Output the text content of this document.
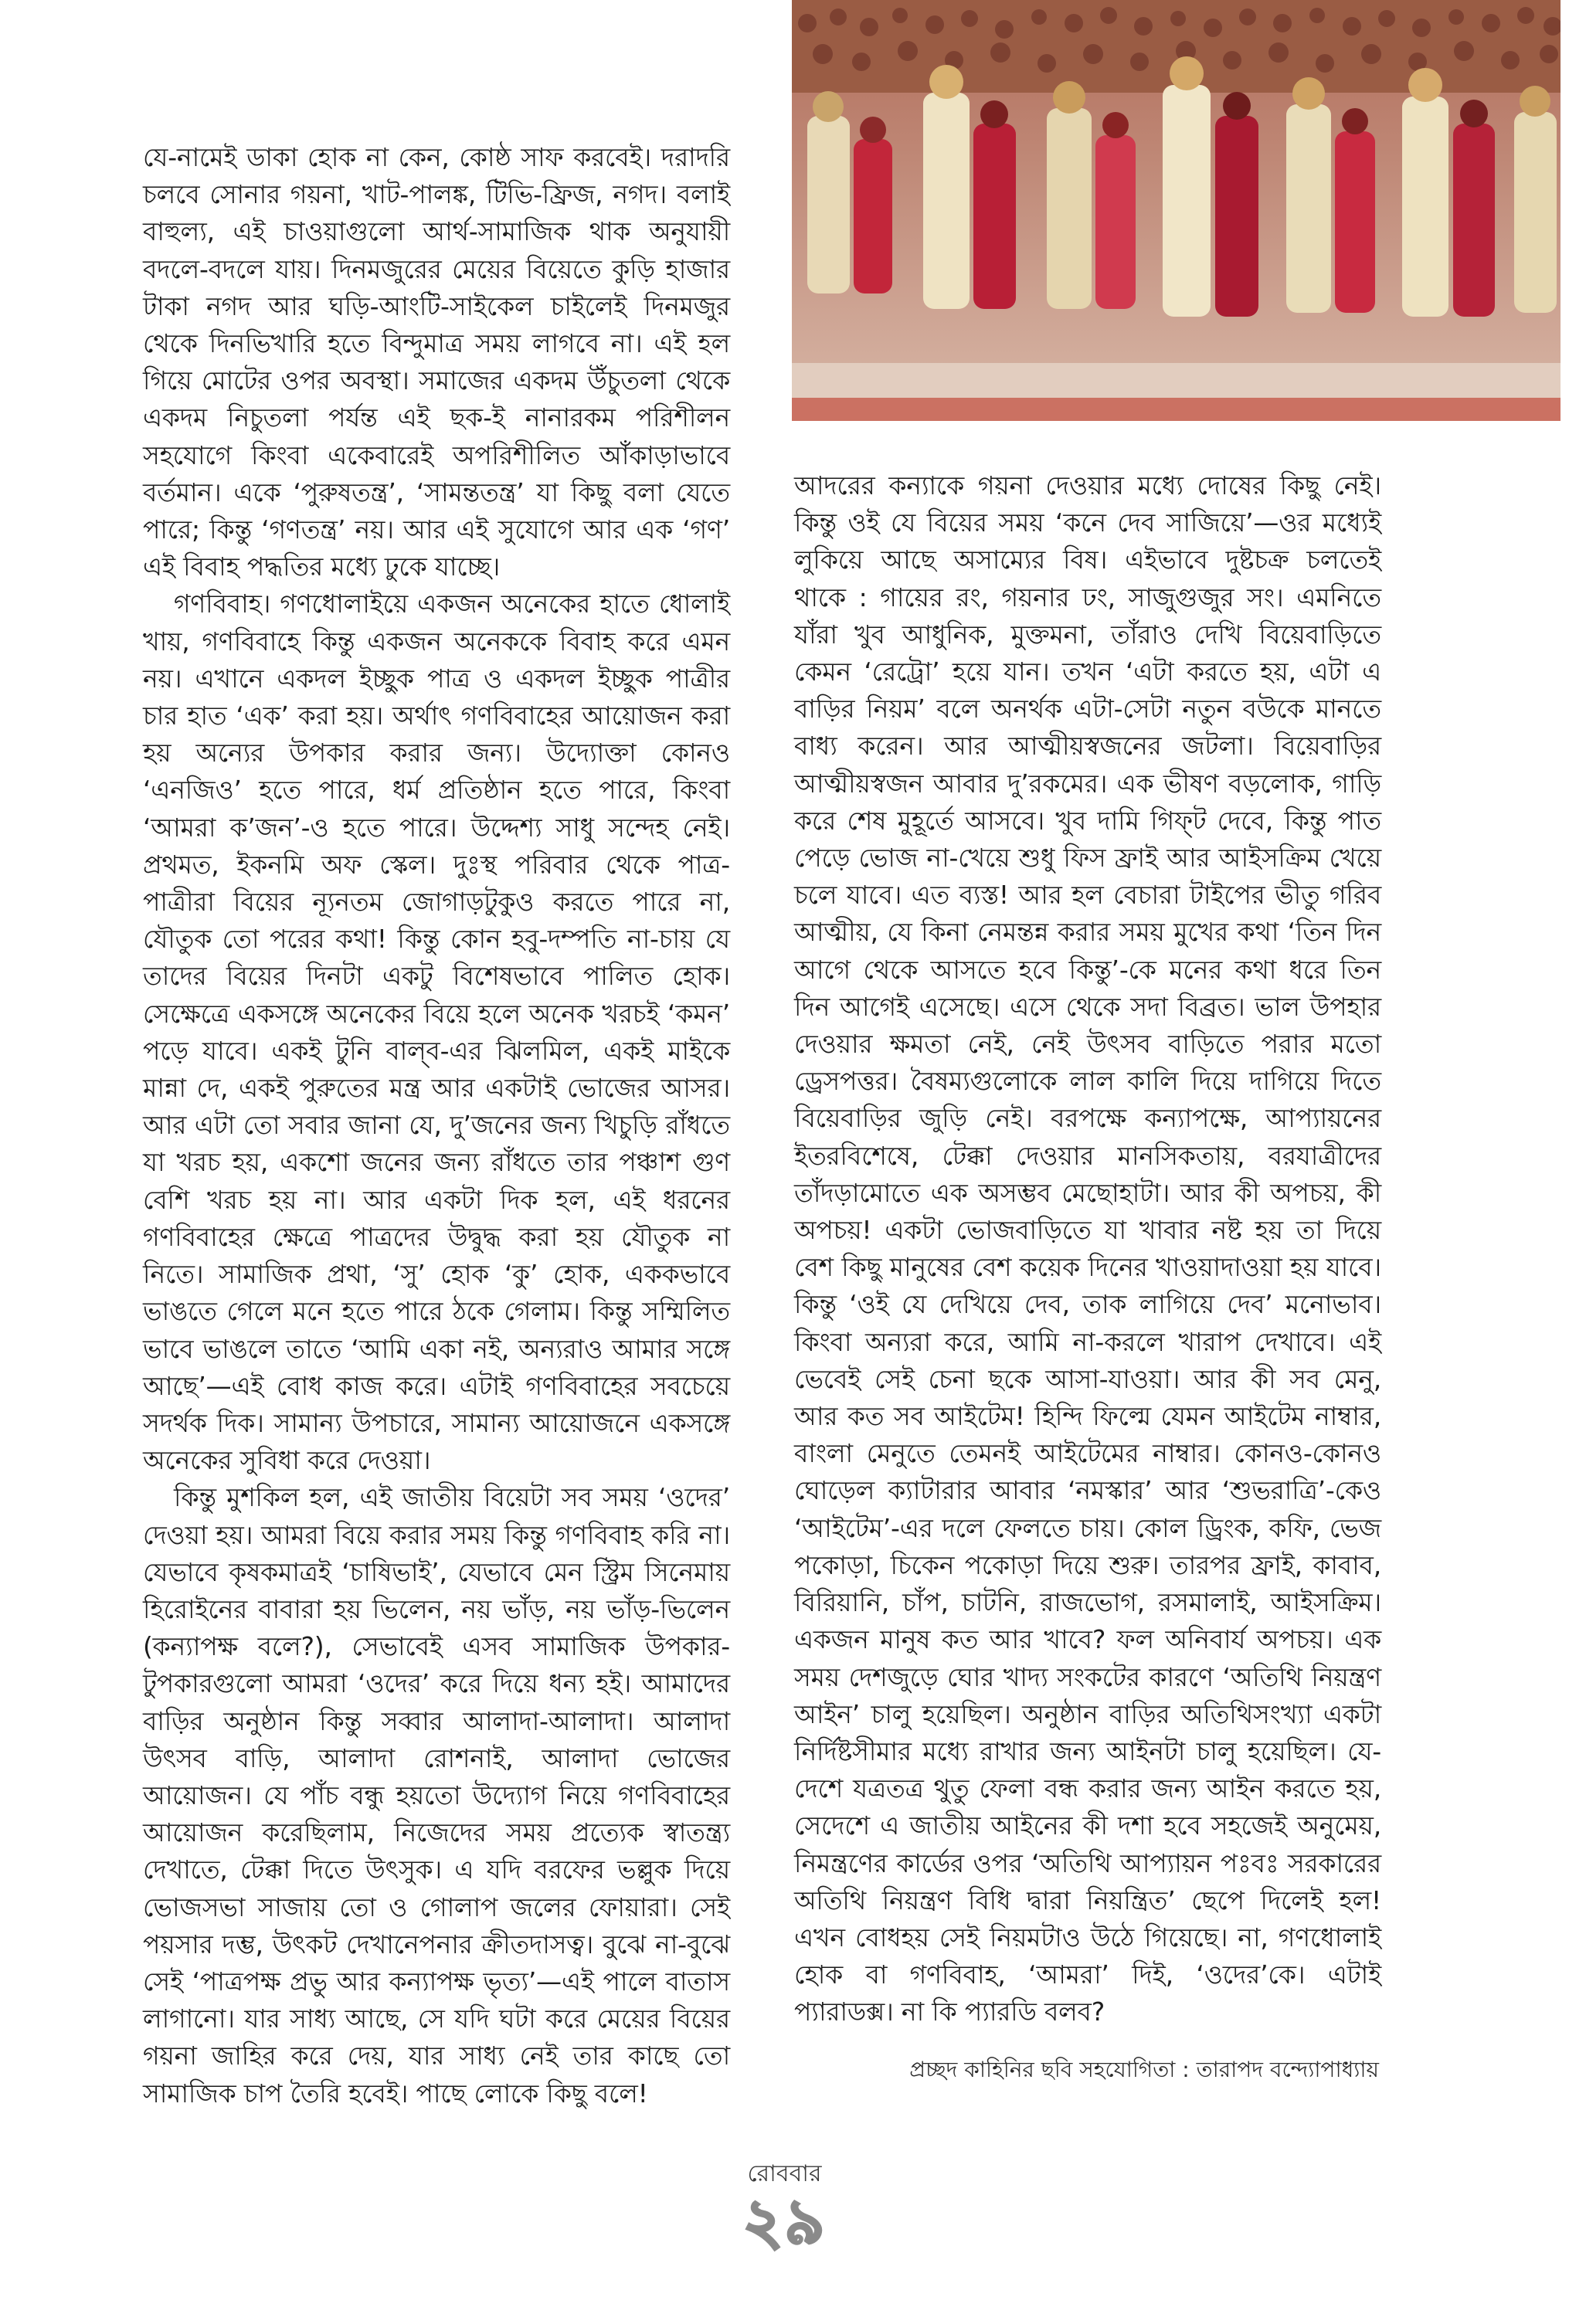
যে-নামেই ডাকা হোক না কেন, কোষ্ঠ সাফ করবেই। দরাদরি চলবে সোনার গয়না, খাট-পালঙ্ক, টিভি-ফ্রিজ, নগদ। বলাই বাহুল্য, এই চাওয়াগুলো আর্থ-সামাজিক থাক অনুযায়ী বদলে-বদলে যায়। দিনমজুরের মেয়ের বিয়েতে কুড়ি হাজার টাকা নগদ আর ঘড়ি-আংটি-সাইকেল চাইলেই দিনমজুর থেকে দিনভিখারি হতে বিন্দুমাত্র সময় লাগবে না। এই হল গিয়ে মোটের ওপর অবস্থা। সমাজের একদম উঁচুতলা থেকে একদম নিচুতলা পর্যন্ত এই ছক-ই নানারকম পরিশীলন সহযোগে কিংবা একেবারেই অপরিশীলিত আঁকাড়াভাবে বর্তমান। একে ‘পুরুষতন্ত্র’, ‘সামন্ততন্ত্র’ যা কিছু বলা যেতে পারে; কিন্তু ‘গণতন্ত্র’ নয়। আর এই সুযোগে আর এক ‘গণ’ এই বিবাহ পদ্ধতির মধ্যে ঢুকে যাচ্ছে।

গণবিবাহ। গণধোলাইয়ে একজন অনেকের হাতে ধোলাই খায়, গণবিবাহে কিন্তু একজন অনেককে বিবাহ করে এমন নয়। এখানে একদল ইচ্ছুক পাত্র ও একদল ইচ্ছুক পাত্রীর চার হাত ‘এক’ করা হয়। অর্থাৎ গণবিবাহের আয়োজন করা হয় অন্যের উপকার করার জন্য। উদ্যোক্তা কোনও ‘এনজিও’ হতে পারে, ধর্ম প্রতিষ্ঠান হতে পারে, কিংবা ‘আমরা ক’জন’-ও হতে পারে। উদ্দেশ্য সাধু সন্দেহ নেই। প্রথমত, ইকনমি অফ স্কেল। দুঃস্থ পরিবার থেকে পাত্র-পাত্রীরা বিয়ের ন্যূনতম জোগাড়টুকুও করতে পারে না, যৌতুক তো পরের কথা! কিন্তু কোন হবু-দম্পতি না-চায় যে তাদের বিয়ের দিনটা একটু বিশেষভাবে পালিত হোক। সেক্ষেত্রে একসঙ্গে অনেকের বিয়ে হলে অনেক খরচই ‘কমন’ পড়ে যাবে। একই টুনি বাল্‌ব-এর ঝিলমিল, একই মাইকে মান্না দে, একই পুরুতের মন্ত্র আর একটাই ভোজের আসর। আর এটা তো সবার জানা যে, দু’জনের জন্য খিচুড়ি রাঁধতে যা খরচ হয়, একশো জনের জন্য রাঁধতে তার পঞ্চাশ গুণ বেশি খরচ হয় না। আর একটা দিক হল, এই ধরনের গণবিবাহের ক্ষেত্রে পাত্রদের উদ্বুদ্ধ করা হয় যৌতুক না নিতে। সামাজিক প্রথা, ‘সু’ হোক ‘কু’ হোক, এককভাবে ভাঙতে গেলে মনে হতে পারে ঠকে গেলাম। কিন্তু সম্মিলিত ভাবে ভাঙলে তাতে ‘আমি একা নই, অন্যরাও আমার সঙ্গে আছে’—এই বোধ কাজ করে। এটাই গণবিবাহের সবচেয়ে সদর্থক দিক। সামান্য উপচারে, সামান্য আয়োজনে একসঙ্গে অনেকের সুবিধা করে দেওয়া।

কিন্তু মুশকিল হল, এই জাতীয় বিয়েটা সব সময় ‘ওদের’ দেওয়া হয়। আমরা বিয়ে করার সময় কিন্তু গণবিবাহ করি না। যেভাবে কৃষকমাত্রই ‘চাষিভাই’, যেভাবে মেন স্ট্রিম সিনেমায় হিরোইনের বাবারা হয় ভিলেন, নয় ভাঁড়, নয় ভাঁড়-ভিলেন (কন্যাপক্ষ বলে?), সেভাবেই এসব সামাজিক উপকার-টুপকারগুলো আমরা ‘ওদের’ করে দিয়ে ধন্য হই। আমাদের বাড়ির অনুষ্ঠান কিন্তু সব্বার আলাদা-আলাদা। আলাদা উৎসব বাড়ি, আলাদা রোশনাই, আলাদা ভোজের আয়োজন। যে পাঁচ বন্ধু হয়তো উদ্যোগ নিয়ে গণবিবাহের আয়োজন করেছিলাম, নিজেদের সময় প্রত্যেক স্বাতন্ত্র্য দেখাতে, টেক্কা দিতে উৎসুক। এ যদি বরফের ভল্লুক দিয়ে ভোজসভা সাজায় তো ও গোলাপ জলের ফোয়ারা। সেই পয়সার দম্ভ, উৎকট দেখানেপনার ক্রীতদাসত্ব। বুঝে না-বুঝে সেই ‘পাত্রপক্ষ প্রভু আর কন্যাপক্ষ ভৃত্য’—এই পালে বাতাস লাগানো। যার সাধ্য আছে, সে যদি ঘটা করে মেয়ের বিয়ের গয়না জাহির করে দেয়, যার সাধ্য নেই তার কাছে তো সামাজিক চাপ তৈরি হবেই। পাছে লোকে কিছু বলে!

আদরের কন্যাকে গয়না দেওয়ার মধ্যে দোষের কিছু নেই। কিন্তু ওই যে বিয়ের সময় ‘কনে দেব সাজিয়ে’—ওর মধ্যেই লুকিয়ে আছে অসাম্যের বিষ। এইভাবে দুষ্টচক্র চলতেই থাকে : গায়ের রং, গয়নার ঢং, সাজুগুজুর সং। এমনিতে যাঁরা খুব আধুনিক, মুক্তমনা, তাঁরাও দেখি বিয়েবাড়িতে কেমন ‘রেট্রো’ হয়ে যান। তখন ‘এটা করতে হয়, এটা এ বাড়ির নিয়ম’ বলে অনর্থক এটা-সেটা নতুন বউকে মানতে বাধ্য করেন। আর আত্মীয়স্বজনের জটলা। বিয়েবাড়ির আত্মীয়স্বজন আবার দু’রকমের। এক ভীষণ বড়লোক, গাড়ি করে শেষ মুহূর্তে আসবে। খুব দামি গিফ্‌ট দেবে, কিন্তু পাত পেড়ে ভোজ না-খেয়ে শুধু ফিস ফ্রাই আর আইসক্রিম খেয়ে চলে যাবে। এত ব্যস্ত! আর হল বেচারা টাইপের ভীতু গরিব আত্মীয়, যে কিনা নেমন্তন্ন করার সময় মুখের কথা ‘তিন দিন আগে থেকে আসতে হবে কিন্তু’-কে মনের কথা ধরে তিন দিন আগেই এসেছে। এসে থেকে সদা বিব্রত। ভাল উপহার দেওয়ার ক্ষমতা নেই, নেই উৎসব বাড়িতে পরার মতো ড্রেসপত্তর। বৈষম্যগুলোকে লাল কালি দিয়ে দাগিয়ে দিতে বিয়েবাড়ির জুড়ি নেই। বরপক্ষে কন্যাপক্ষে, আপ্যায়নের ইতরবিশেষে, টেক্কা দেওয়ার মানসিকতায়, বরযাত্রীদের তাঁদড়ামোতে এক অসম্ভব মেছোহাটা। আর কী অপচয়, কী অপচয়! একটা ভোজবাড়িতে যা খাবার নষ্ট হয় তা দিয়ে বেশ কিছু মানুষের বেশ কয়েক দিনের খাওয়াদাওয়া হয় যাবে। কিন্তু ‘ওই যে দেখিয়ে দেব, তাক লাগিয়ে দেব’ মনোভাব। কিংবা অন্যরা করে, আমি না-করলে খারাপ দেখাবে। এই ভেবেই সেই চেনা ছকে আসা-যাওয়া। আর কী সব মেনু, আর কত সব আইটেম! হিন্দি ফিল্মে যেমন আইটেম নাম্বার, বাংলা মেনুতে তেমনই আইটেমের নাম্বার। কোনও-কোনও ঘোড়েল ক্যাটারার আবার ‘নমস্কার’ আর ‘শুভরাত্রি’-কেও ‘আইটেম’-এর দলে ফেলতে চায়। কোল ড্রিংক, কফি, ভেজ পকোড়া, চিকেন পকোড়া দিয়ে শুরু। তারপর ফ্রাই, কাবাব, বিরিয়ানি, চাঁপ, চাটনি, রাজভোগ, রসমালাই, আইসক্রিম। একজন মানুষ কত আর খাবে? ফল অনিবার্য অপচয়। এক সময় দেশজুড়ে ঘোর খাদ্য সংকটের কারণে ‘অতিথি নিয়ন্ত্রণ আইন’ চালু হয়েছিল। অনুষ্ঠান বাড়ির অতিথিসংখ্যা একটা নির্দিষ্টসীমার মধ্যে রাখার জন্য আইনটা চালু হয়েছিল। যে-দেশে যত্রতত্র থুতু ফেলা বন্ধ করার জন্য আইন করতে হয়, সেদেশে এ জাতীয় আইনের কী দশা হবে সহজেই অনুমেয়, নিমন্ত্রণের কার্ডের ওপর ‘অতিথি আপ্যায়ন পঃবঃ সরকারের অতিথি নিয়ন্ত্রণ বিধি দ্বারা নিয়ন্ত্রিত’ ছেপে দিলেই হল! এখন বোধহয় সেই নিয়মটাও উঠে গিয়েছে। না, গণধোলাই হোক বা গণবিবাহ, ‘আমরা’ দিই, ‘ওদের’কে। এটাই প্যারাডক্স। না কি প্যারডি বলব?

প্রচ্ছদ কাহিনির ছবি সহযোগিতা : তারাপদ বন্দ্যোপাধ্যায়
রোববার
২৯
